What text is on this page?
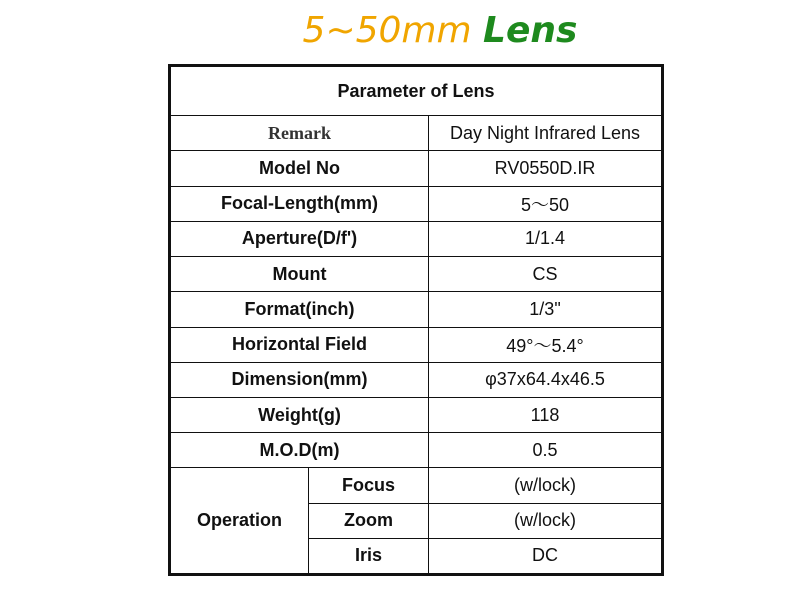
5~50mm Lens
Parameter of Lens		
Remark		Day Night Infrared Lens
Model No		RV0550D.IR
Focal-Length(mm)		5～50
Aperture(D/f')		1/1.4
Mount		CS
Format(inch)		1/3"
Horizontal Field		49°～5.4°
Dimension(mm)		φ37x64.4x46.5
Weight(g)		118
M.O.D(m)		0.5
Operation	Focus	(w/lock)
	Zoom	(w/lock)
	Iris	DC
